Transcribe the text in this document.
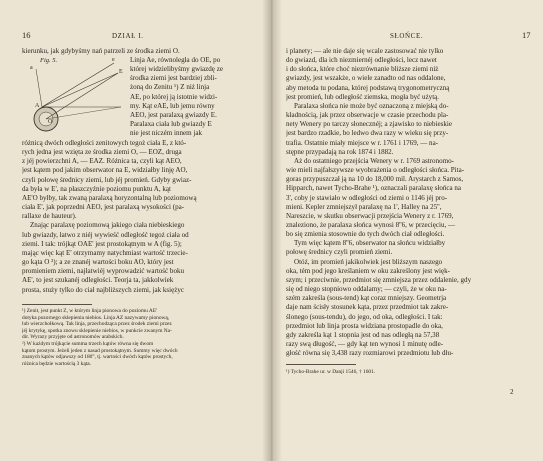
16	DZIAŁ I.
kierunku, jak gdybyśmy nań patrzeli ze środka ziemi O.
Fig. 5.	e
E
A
O
a
Linja Ae, równoległa do OE, po
której widzielibyśmy gwiazdę ze
środka ziemi jest bardziej zbli-
żoną do Zenitu ¹) Z niż linja
AE, po której ją istotnie widzi-
my. Kąt eAE, lub jemu równy
AEO, jest paralaxą gwiazdy E.
Paralaxa ciała lub gwiazdy E
nie jest niczém innem jak
różnicą dwóch odległości zenitowych tegoż ciała E, z któ-
rych jedna jest wzięta ze środka ziemi O, — EOZ, druga
z jéj powierzchni A, — EAZ. Różnica ta, czyli kąt AEO,
jest kątem pod jakim obserwator na E, widziałby linję AO,
czyli połowę średnicy ziemi, lub jéj promień. Gdyby gwiaz-
da była w E', na płaszczyźnie poziomu punktu A, kąt
AE'O byłby, tak zwaną paralaxą horyzontalną lub poziomową
ciała E', jak poprzedni AEO, jest paralaxą wysokości (pa-
rallaxe de hauteur).
Znając paralaxę poziomową jakiego ciała niebieskiego
lub gwiazdy, łatwo z niéj wywieść odległość tegoż ciała od
ziemi. I tak: trójkąt OAE' jest prostokątnym w A (fig. 5);
mając więc kąt E' otrzymamy natychmiast wartość trzecie-
go kąta O ²); a ze znanéj wartości boku AO, który jest
promieniem ziemi, najłatwiéj wyprowadzić wartość boku
AE', to jest szukanéj odległości. Teorja ta, jakkolwiek
prosta, stuży tylko do ciał najbliższych ziemi, jak księżyc
¹) Zenit, jest punkt Z, w którym linja pionowa do poziomu AE'
dotyka pozornego sklepienia niebios. Linja AZ nazywamy pionową,
lub wierzchołkową. Tak linja, przechodząca przez środek ziemi przez
jéj krytykę, spotka znowu sklepienie niebios, w punkcie zwanym Na-
dir. Wyrazy przyjęte od astronomów arabskich.
²) W każdym trójkącie summa trzech kątów równa się dwom
kątom prostym. Jeżeli jeden z nasad prostokątnym. Summy więc dwóch
znanych kątów odjawszy od 180°, tj. wartości dwóch kątów prostych,
różnica będzie wartością 3 kąta.
SŁOŃCE.	17
i planety; — ale nie daje się wcale zastosować nie tylko
do gwiazd, dla ich niezmiernéj odległości, lecz nawet
i do słońca, które choć niezrównanie bliższe ziemi niż
gwiazdy, jest wszakże, o wiele zanadto od nas oddalone,
aby metoda tu podana, której podstawą trygonometryczną
jest promień, lub odległość ziemska, mogła być użytą.
Paralaxa słońca nie może być oznaczoną z miejską do-
kładnością, jak przez obserwacje w czasie przechodu pla-
nety Wenery po tarczy słonecznéj; a zjawisko to niebieskie
jest bardzo rzadkie, bo ledwo dwa razy w wieku się przy-
trafia. Ostatnie miały miejsce w r. 1761 i 1769, — na-
stępne przypadają na rok 1874 i 1882.
Aż do ostatniego przejścia Wenery w r. 1769 astronomo-
wie mieli najfałszywsze wyobrażenia o odległości słońca. Pita-
goras przypuszczał ją na 10 do 18,000 mil. Arystarch z Samos,
Hipparch, nawet Tycho-Brahe ¹), oznaczali paralaxę słońca na
3', coby je stawiało w odległości od ziemi o 1146 jéj pro-
mieni. Kepler zmniejszył paralaxę na 1', Halley na 25'',
Nareszcie, w skutku obserwacji przejścia Wenery z r. 1769,
znaleziono, że paralaxa słońca wynosi 8''6, w przecięciu, —
bo się zmienia stosownie do tych dwóch ciał odległości.
Tym więc kątem 8''6, obserwator na słońcu widziałby
połowę średnicy czyli promień ziemi.
Otóż, im promień jakikolwiek jest bliższym naszego
oka, tém pod jego kreślaniem w oku zakreślony jest więk-
szym; i przeciwnie, przedmiot się zmniejsza przez oddalenie, gdy
się od niego stopniowo oddalamy; — czyli, że w oku na-
szém zakreśla (sous-tend) kąt coraz mniejszy. Geometrja
daje nam ścisły stosunek kąta, przez przedmiot tak zakre-
ślonego (sous-tendu), do jego, od oka, odległości. I tak:
przedmiot lub linja prosta widziana prostopadle do oka,
gdy zakreśla kąt 1 stopnia jest od nas odległą na 57,38
razy swą długość, — gdy kąt ten wynosi 1 minutę odle-
głość równa się 3,438 razy rozmiarowi przedmiotu lub dłu-
¹) Tycho-Brahe ur. w Danji 1546, † 1601.
2
